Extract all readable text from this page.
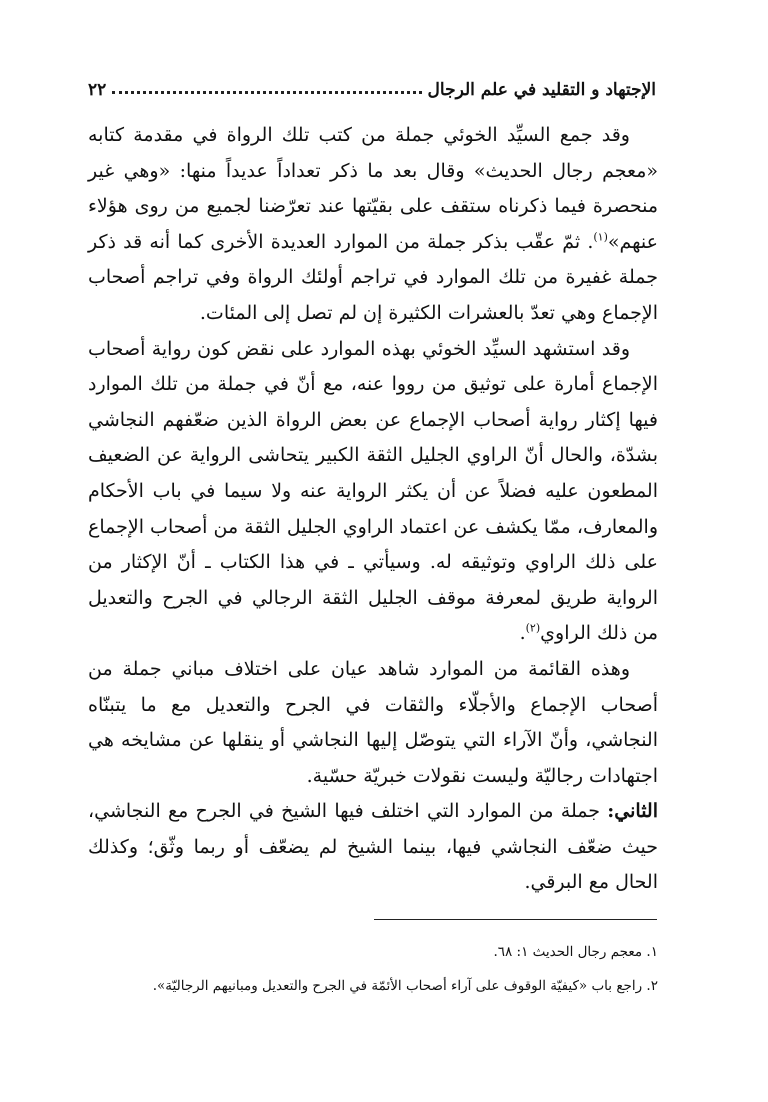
الإجتهاد و التقليد في علم الرجال
٢٢

وقد جمع السيِّد الخوئي جملة من كتب تلك الرواة في مقدمة كتابه «معجم رجال الحديث» وقال بعد ما ذكر تعداداً عديداً منها: «وهي غير منحصرة فيما ذكرناه ستقف على بقيّتها عند تعرّضنا لجميع من روى هؤلاء عنهم»$^{(١)}$. ثمّ عقّب بذكر جملة من الموارد العديدة الأخرى كما أنه قد ذكر جملة غفيرة من تلك الموارد في تراجم أولئك الرواة وفي تراجم أصحاب الإجماع وهي تعدّ بالعشرات الكثيرة إن لم تصل إلى المئات.

وقد استشهد السيِّد الخوئي بهذه الموارد على نقض كون رواية أصحاب الإجماع أمارة على توثيق من رووا عنه، مع أنّ في جملة من تلك الموارد فيها إكثار رواية أصحاب الإجماع عن بعض الرواة الذين ضعّفهم النجاشي بشدّة، والحال أنّ الراوي الجليل الثقة الكبير يتحاشى الرواية عن الضعيف المطعون عليه فضلاً عن أن يكثر الرواية عنه ولا سيما في باب الأحكام والمعارف، ممّا يكشف عن اعتماد الراوي الجليل الثقة من أصحاب الإجماع على ذلك الراوي وتوثيقه له. وسيأتي ـ في هذا الكتاب ـ أنّ الإكثار من الرواية طريق لمعرفة موقف الجليل الثقة الرجالي في الجرح والتعديل من ذلك الراوي$^{(٢)}$.

وهذه القائمة من الموارد شاهد عيان على اختلاف مباني جملة من أصحاب الإجماع والأجلّاء والثقات في الجرح والتعديل مع ما يتبنّاه النجاشي، وأنّ الآراء التي يتوصّل إليها النجاشي أو ينقلها عن مشايخه هي اجتهادات رجاليّة وليست نقولات خبريّة حسّية.

الثاني: جملة من الموارد التي اختلف فيها الشيخ في الجرح مع النجاشي، حيث ضعّف النجاشي فيها، بينما الشيخ لم يضعّف أو ربما وثّق؛ وكذلك الحال مع البرقي.

١. معجم رجال الحديث ١: ٦٨.
٢. راجع باب «كيفيّة الوقوف على آراء أصحاب الأئمّة في الجرح والتعديل ومبانيهم الرجاليّة».
